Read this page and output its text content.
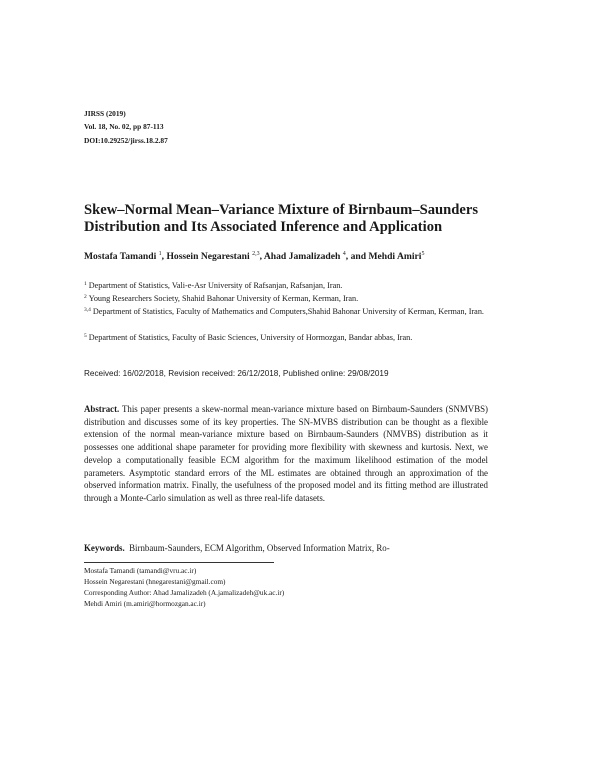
JIRSS (2019)
Vol. 18, No. 02, pp 87-113
DOI:10.29252/jirss.18.2.87
Skew–Normal Mean–Variance Mixture of Birnbaum–Saunders Distribution and Its Associated Inference and Application
Mostafa Tamandi $^1$, Hossein Negarestani $^{2,3}$, Ahad Jamalizadeh $^4$, and Mehdi Amiri$^5$
$^1$ Department of Statistics, Vali-e-Asr University of Rafsanjan, Rafsanjan, Iran.
$^2$ Young Researchers Society, Shahid Bahonar University of Kerman, Kerman, Iran.
$^{3,4}$ Department of Statistics, Faculty of Mathematics and Computers,Shahid Bahonar University of Kerman, Kerman, Iran.
$^5$ Department of Statistics, Faculty of Basic Sciences, University of Hormozgan, Bandar abbas, Iran.
Received: 16/02/2018, Revision received: 26/12/2018, Published online: 29/08/2019
Abstract. This paper presents a skew-normal mean-variance mixture based on Birnbaum-Saunders (SNMVBS) distribution and discusses some of its key properties. The SN-MVBS distribution can be thought as a flexible extension of the normal mean-variance mixture based on Birnbaum-Saunders (NMVBS) distribution as it possesses one additional shape parameter for providing more flexibility with skewness and kurtosis. Next, we develop a computationally feasible ECM algorithm for the maximum likelihood estimation of the model parameters. Asymptotic standard errors of the ML estimates are obtained through an approximation of the observed information matrix. Finally, the usefulness of the proposed model and its fitting method are illustrated through a Monte-Carlo simulation as well as three real-life datasets.
Keywords. Birnbaum-Saunders, ECM Algorithm, Observed Information Matrix, Ro-
Mostafa Tamandi (tamandi@vru.ac.ir)
Hossein Negarestani (hnegarestani@gmail.com)
Corresponding Author: Ahad Jamalizadeh (A.jamalizadeh@uk.ac.ir)
Mehdi Amiri (m.amiri@hormozgan.ac.ir)
